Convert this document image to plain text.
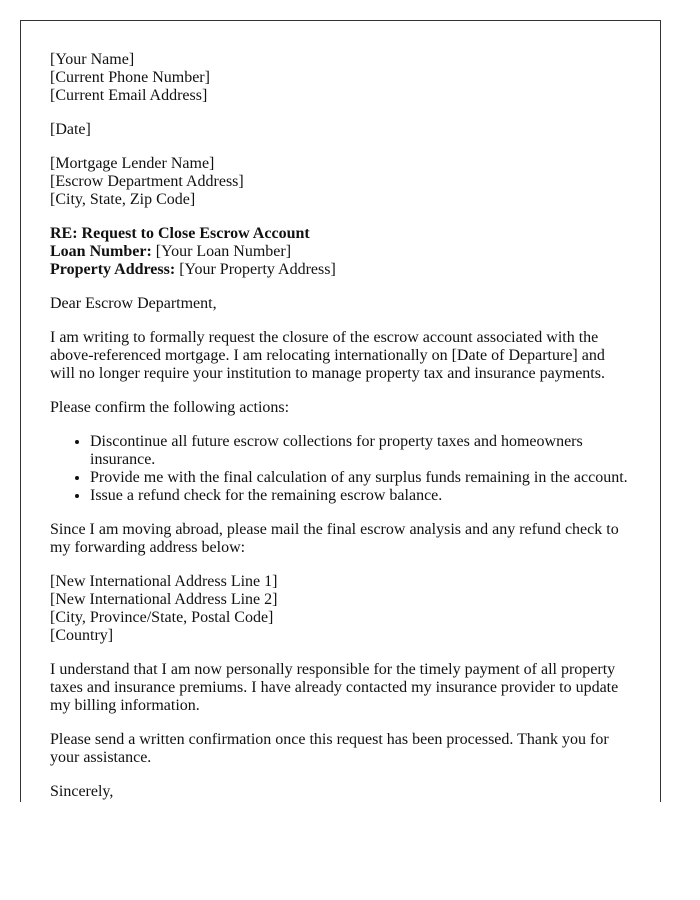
[Your Name]
[Current Phone Number]
[Current Email Address]
[Date]
[Mortgage Lender Name]
[Escrow Department Address]
[City, State, Zip Code]
RE: Request to Close Escrow Account
Loan Number: [Your Loan Number]
Property Address: [Your Property Address]

Dear Escrow Department,

I am writing to formally request the closure of the escrow account associated with the above-referenced mortgage. I am relocating internationally on [Date of Departure] and will no longer require your institution to manage property tax and insurance payments.

Please confirm the following actions:

• Discontinue all future escrow collections for property taxes and homeowners insurance.
• Provide me with the final calculation of any surplus funds remaining in the account.
• Issue a refund check for the remaining escrow balance.

Since I am moving abroad, please mail the final escrow analysis and any refund check to my forwarding address below:

[New International Address Line 1]
[New International Address Line 2]
[City, Province/State, Postal Code]
[Country]

I understand that I am now personally responsible for the timely payment of all property taxes and insurance premiums. I have already contacted my insurance provider to update my billing information.

Please send a written confirmation once this request has been processed. Thank you for your assistance.

Sincerely,
